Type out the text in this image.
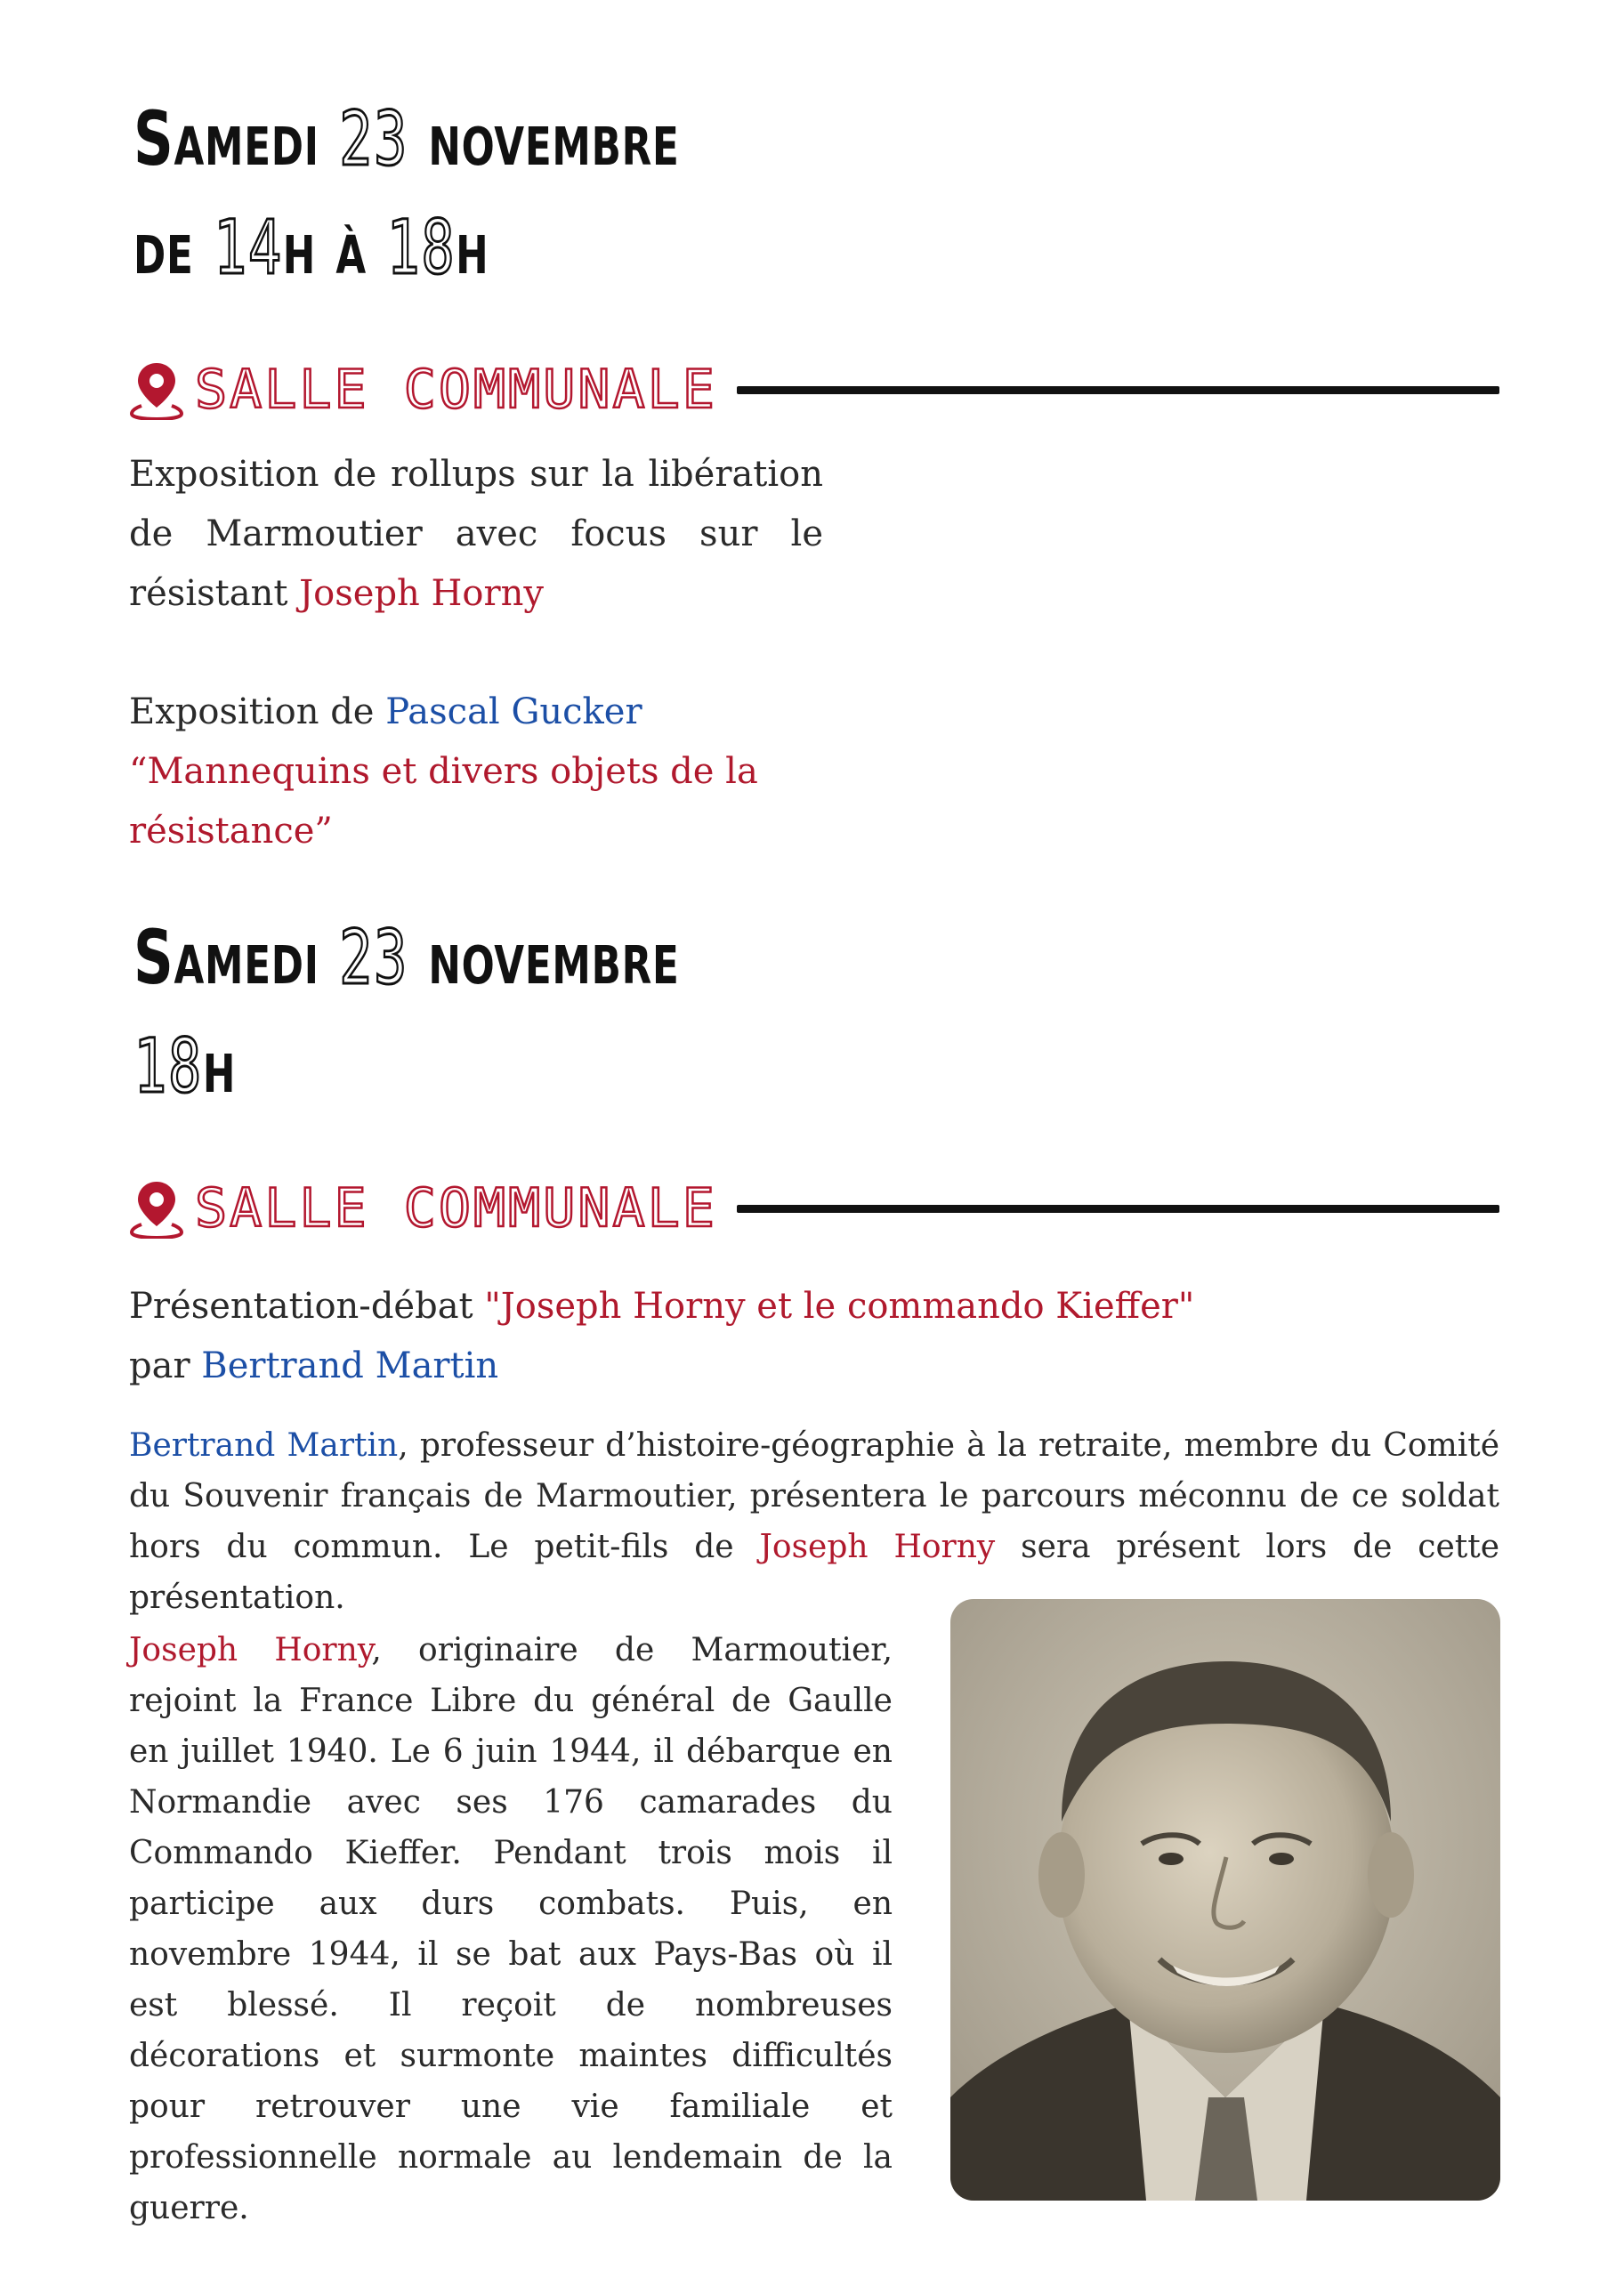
Samedi 23 novembre
de 14h à 18h
SALLE COMMUNALE

Exposition de rollups sur la libération de Marmoutier avec focus sur le résistant Joseph Horny

Exposition de Pascal Gucker
“Mannequins et divers objets de la résistance”

Samedi 23 novembre
18h
SALLE COMMUNALE

Présentation-débat "Joseph Horny et le commando Kieffer"
par Bertrand Martin

Bertrand Martin, professeur d’histoire-géographie à la retraite, membre du Comité du Souvenir français de Marmoutier, présentera le parcours méconnu de ce soldat hors du commun. Le petit-fils de Joseph Horny sera présent lors de cette présentation.

Joseph Horny, originaire de Marmoutier, rejoint la France Libre du général de Gaulle en juillet 1940. Le 6 juin 1944, il débarque en Normandie avec ses 176 camarades du Commando Kieffer. Pendant trois mois il participe aux durs combats. Puis, en novembre 1944, il se bat aux Pays-Bas où il est blessé. Il reçoit de nombreuses décorations et surmonte maintes difficultés pour retrouver une vie familiale et professionnelle normale au lendemain de la guerre.
